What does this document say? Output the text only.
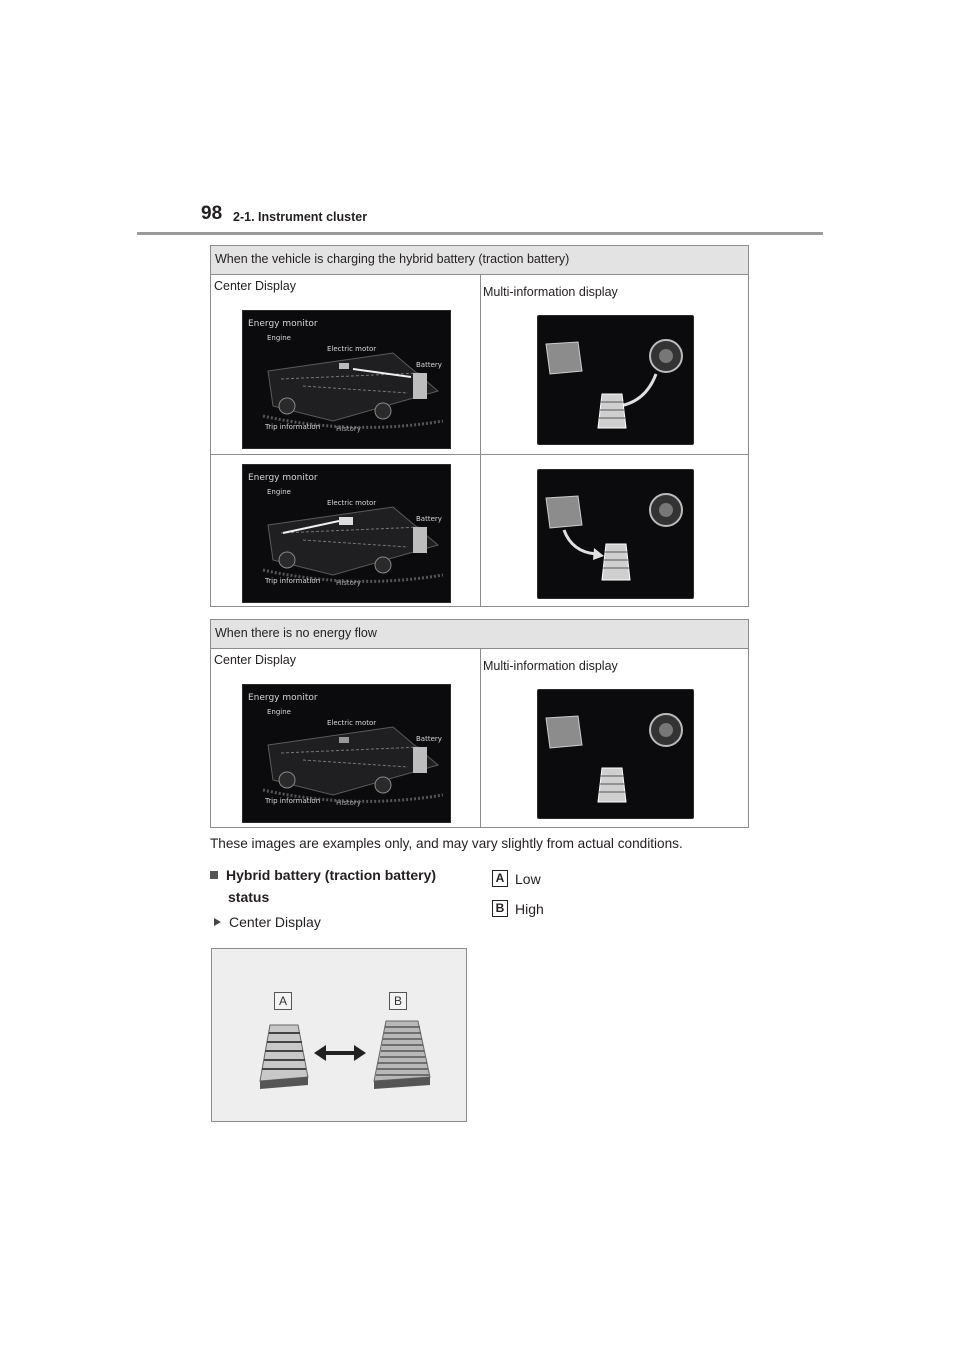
98 2-1. Instrument cluster
When the vehicle is charging the hybrid battery (traction battery)
Center Display
Energy monitor
Engine
Electric motor
Battery
Trip information History
Multi-information display
Energy monitor
Engine
Electric motor
Battery
Trip information History
When there is no energy flow
Center Display
Energy monitor
Engine
Electric motor
Battery
Trip information History
Multi-information display
These images are examples only, and may vary slightly from actual conditions.
Hybrid battery (traction battery)
status
Center Display
A Low
B High
A	B
